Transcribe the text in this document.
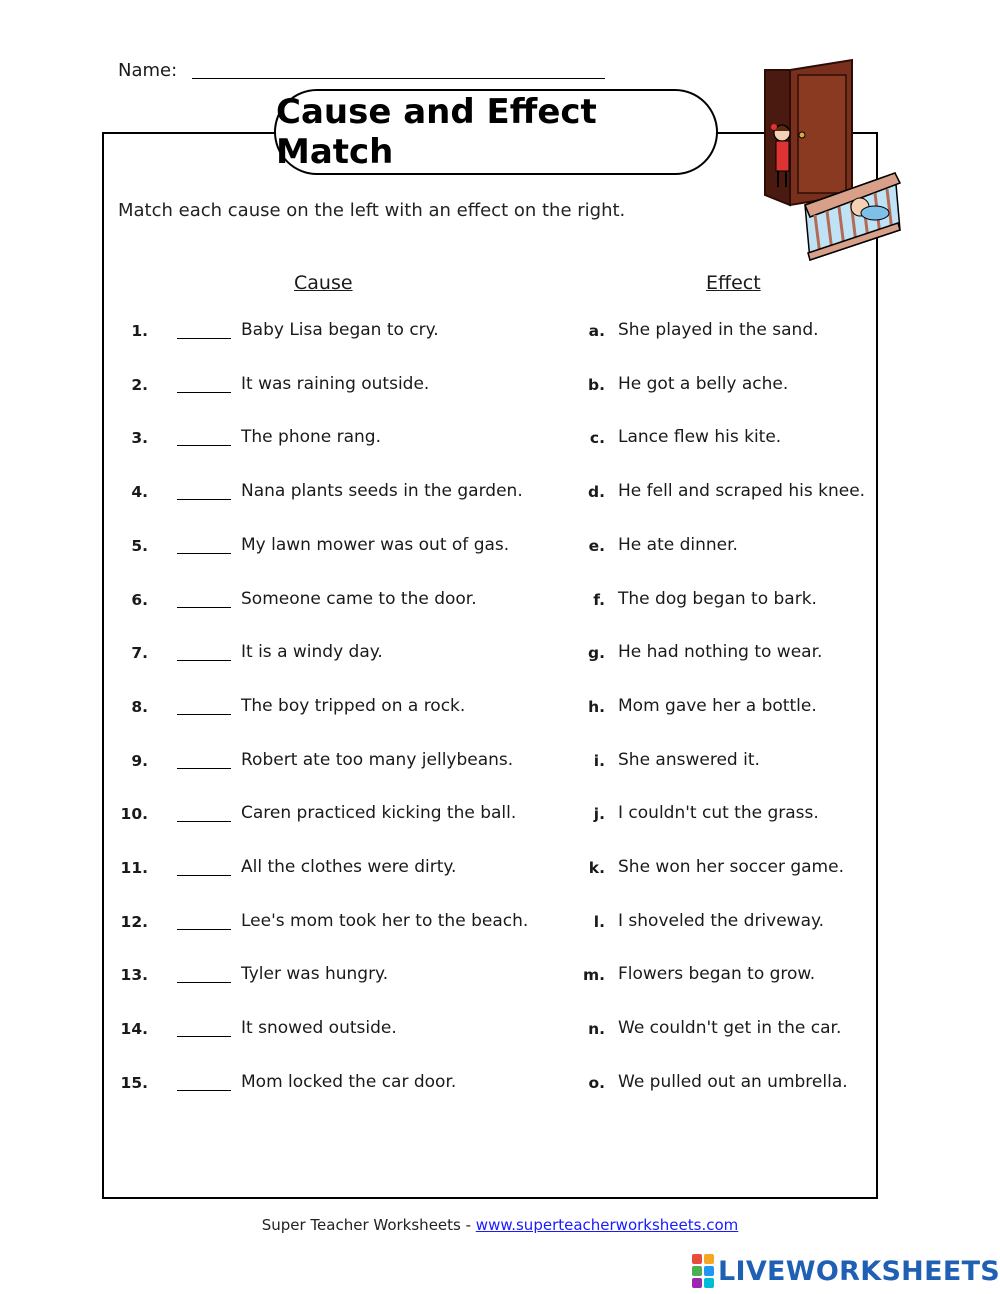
Name:
Cause and Effect Match
Match each cause on the left with an effect on the right.
Cause	Effect
1.	Baby Lisa began to cry.	a. She played in the sand.
2.	It was raining outside.	b. He got a belly ache.
3.	The phone rang.	c. Lance flew his kite.
4.	Nana plants seeds in the garden.	d. He fell and scraped his knee.
5.	My lawn mower was out of gas.	e. He ate dinner.
6.	Someone came to the door.	f. The dog began to bark.
7.	It is a windy day.	g. He had nothing to wear.
8.	The boy tripped on a rock.	h. Mom gave her a bottle.
9.	Robert ate too many jellybeans.	i. She answered it.
10.	Caren practiced kicking the ball.	j. I couldn't cut the grass.
11.	All the clothes were dirty.	k. She won her soccer game.
12.	Lee's mom took her to the beach.	l. I shoveled the driveway.
13.	Tyler was hungry.	m. Flowers began to grow.
14.	It snowed outside.	n. We couldn't get in the car.
15.	Mom locked the car door.	o. We pulled out an umbrella.
Super Teacher Worksheets - www.superteacherworksheets.com
LIVEWORKSHEETS
